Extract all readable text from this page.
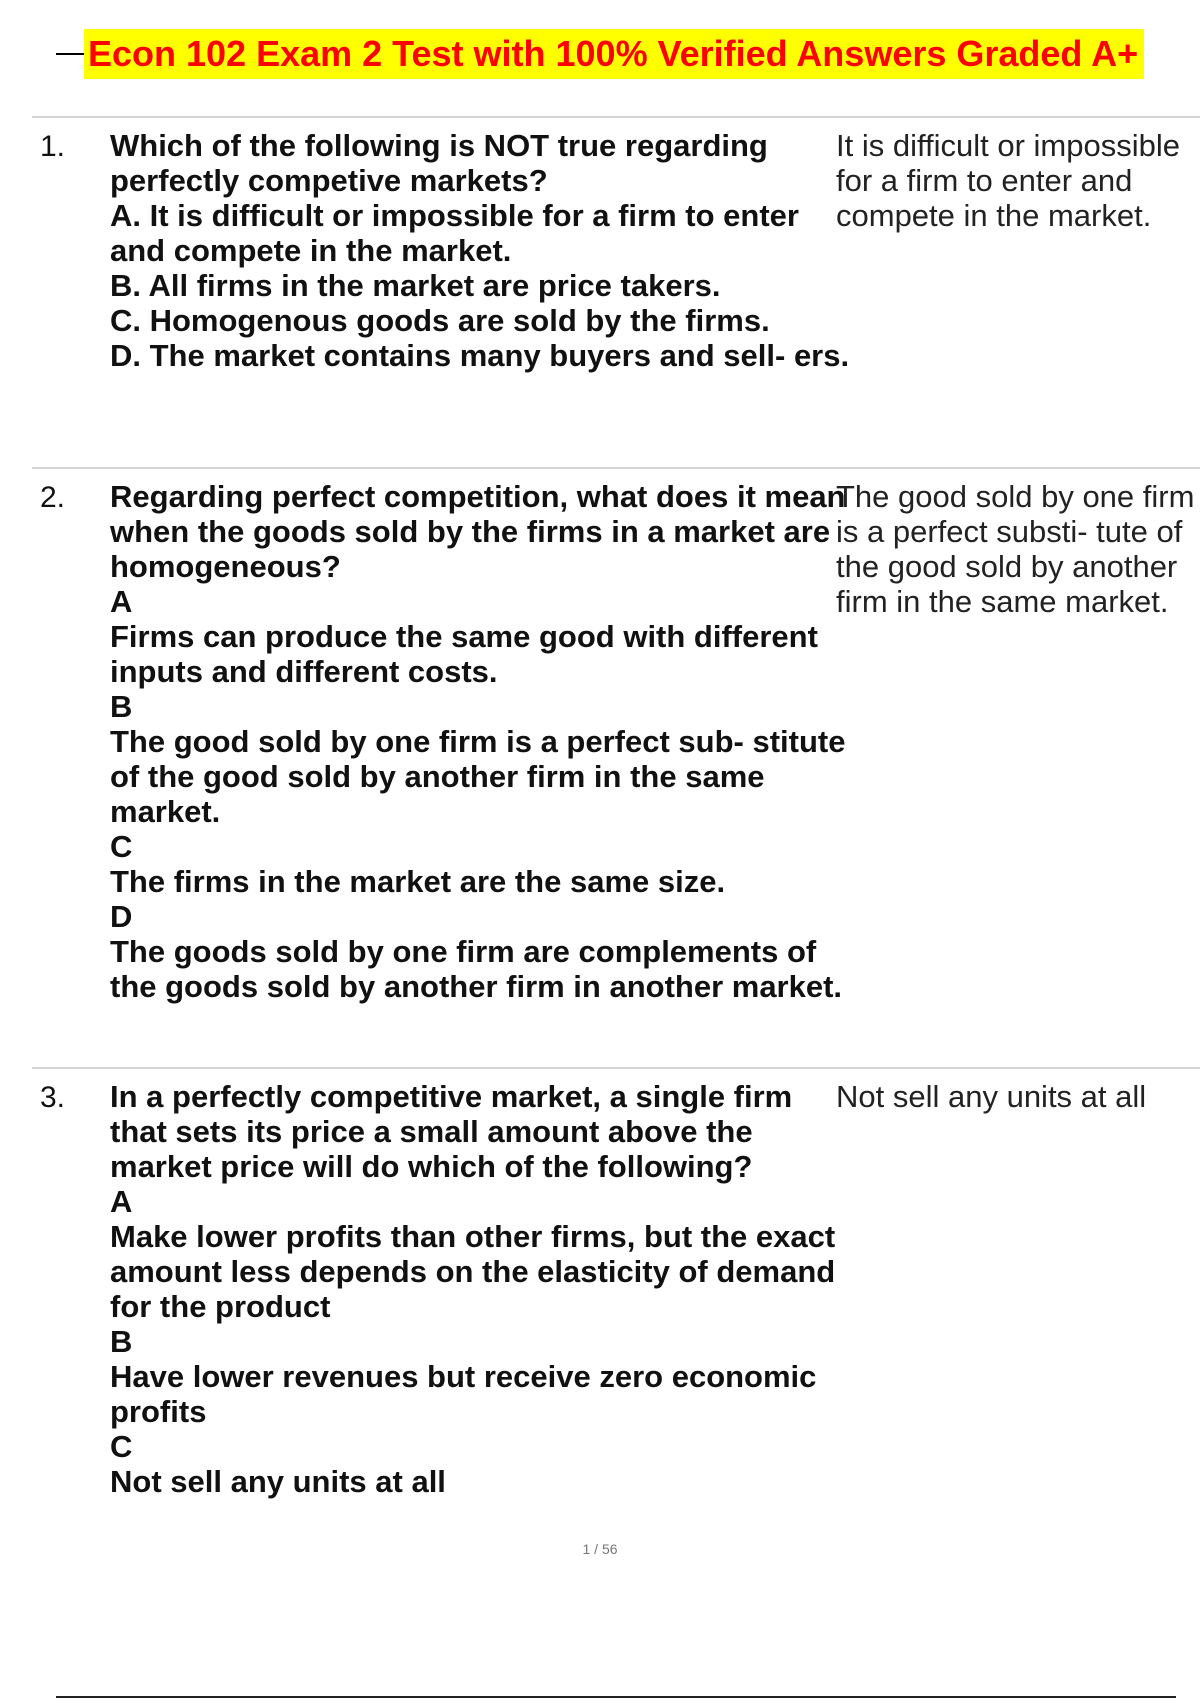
Econ 102 Exam 2 Test with 100% Verified Answers Graded A+
1. Which of the following is NOT true regarding perfectly competive markets?
A. It is difficult or impossible for a firm to enter and compete in the market.
B. All firms in the market are price takers.
C. Homogenous goods are sold by the firms.
D. The market contains many buyers and sell- ers.
It is difficult or impossible for a firm to enter and compete in the market.
2. Regarding perfect competition, what does it mean when the goods sold by the firms in a market are homogeneous?
A
Firms can produce the same good with different inputs and different costs.
B
The good sold by one firm is a perfect sub- stitute of the good sold by another firm in the same market.
C
The firms in the market are the same size.
D
The goods sold by one firm are complements of the goods sold by another firm in another market.
The good sold by one firm is a perfect substi- tute of the good sold by another firm in the same market.
3. In a perfectly competitive market, a single firm that sets its price a small amount above the market price will do which of the following?
A
Make lower profits than other firms, but the exact amount less depends on the elasticity of demand for the product
B
Have lower revenues but receive zero economic profits
C
Not sell any units at all
Not sell any units at all
1 / 56
